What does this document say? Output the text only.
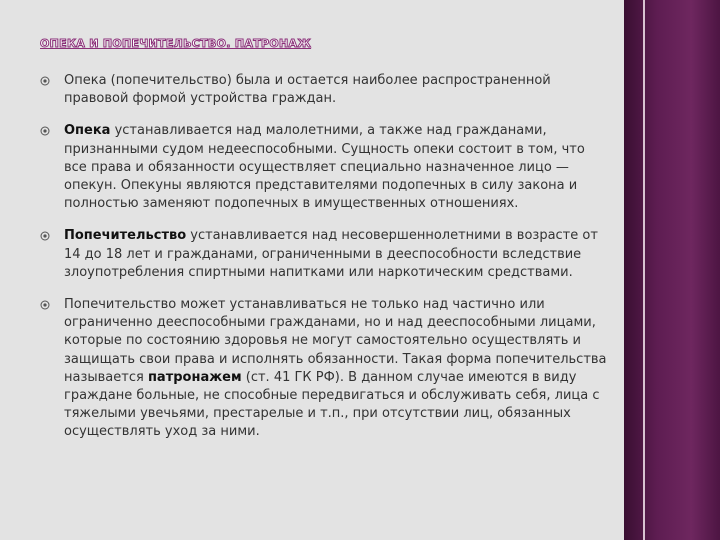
ОПЕКА И ПОПЕЧИТЕЛЬСТВО. ПАТРОНАЖ
Опека (попечительство) была и остается наиболее распространенной правовой формой устройства граждан.
Опека устанавливается над малолетними, а также над гражданами, признанными судом недееспособными. Сущность опеки состоит в том, что все права и обязанности осуществляет специально назначенное лицо — опекун. Опекуны являются представителями подопечных в силу закона и полностью заменяют подопечных в имущественных отношениях.
Попечительство устанавливается над несовершеннолетними в возрасте от 14 до 18 лет и гражданами, ограниченными в дееспособности вследствие злоупотребления спиртными напитками или наркотическим средствами.
Попечительство может устанавливаться не только над частично или ограниченно дееспособными гражданами, но и над дееспособными лицами, которые по состоянию здоровья не могут самостоятельно осуществлять и защищать свои права и исполнять обязанности. Такая форма попечительства называется патронажем (ст. 41 ГК РФ). В данном случае имеются в виду граждане больные, не способные передвигаться и обслуживать себя, лица с тяжелыми увечьями, престарелые и т.п., при отсутствии лиц, обязанных осуществлять уход за ними.
